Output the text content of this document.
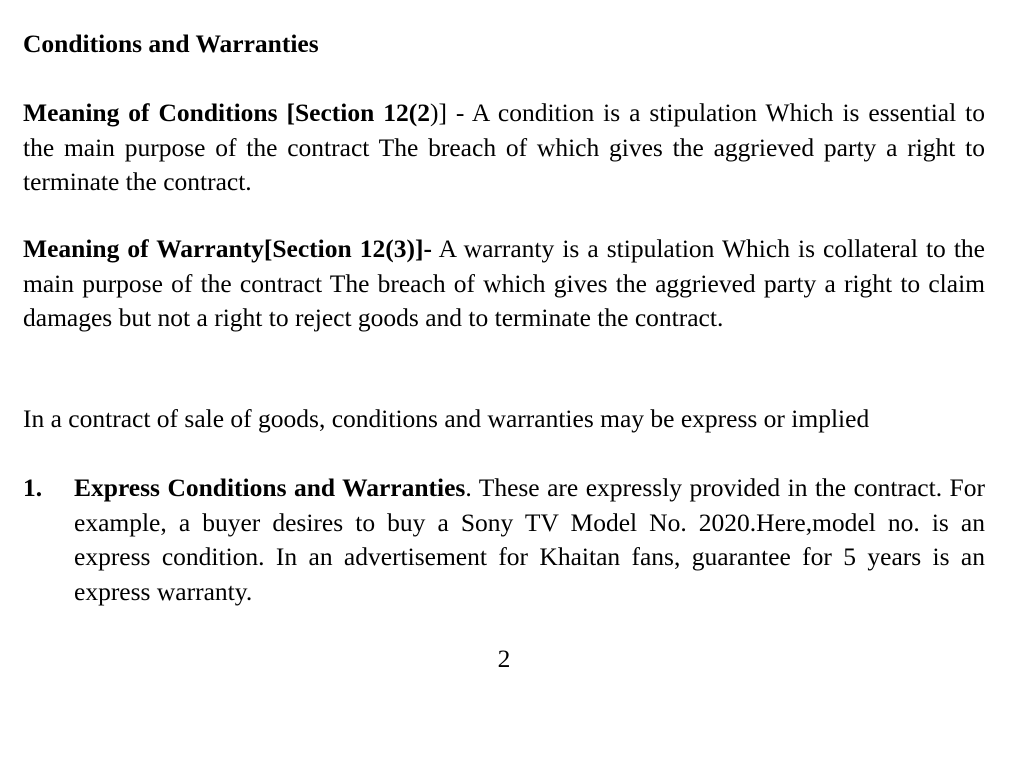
Conditions and Warranties

Meaning of Conditions [Section 12(2)] - A condition is a stipulation Which is essential to the main purpose of the contract The breach of which gives the aggrieved party a right to terminate the contract.

Meaning of Warranty[Section 12(3)]- A warranty is a stipulation Which is collateral to the main purpose of the contract The breach of which gives the aggrieved party a right to claim damages but not a right to reject goods and to terminate the contract.

In a contract of sale of goods, conditions and warranties may be express or implied

1. Express Conditions and Warranties. These are expressly provided in the contract. For example, a buyer desires to buy a Sony TV Model No. 2020.Here,model no. is an express condition. In an advertisement for Khaitan fans, guarantee for 5 years is an express warranty.

2
